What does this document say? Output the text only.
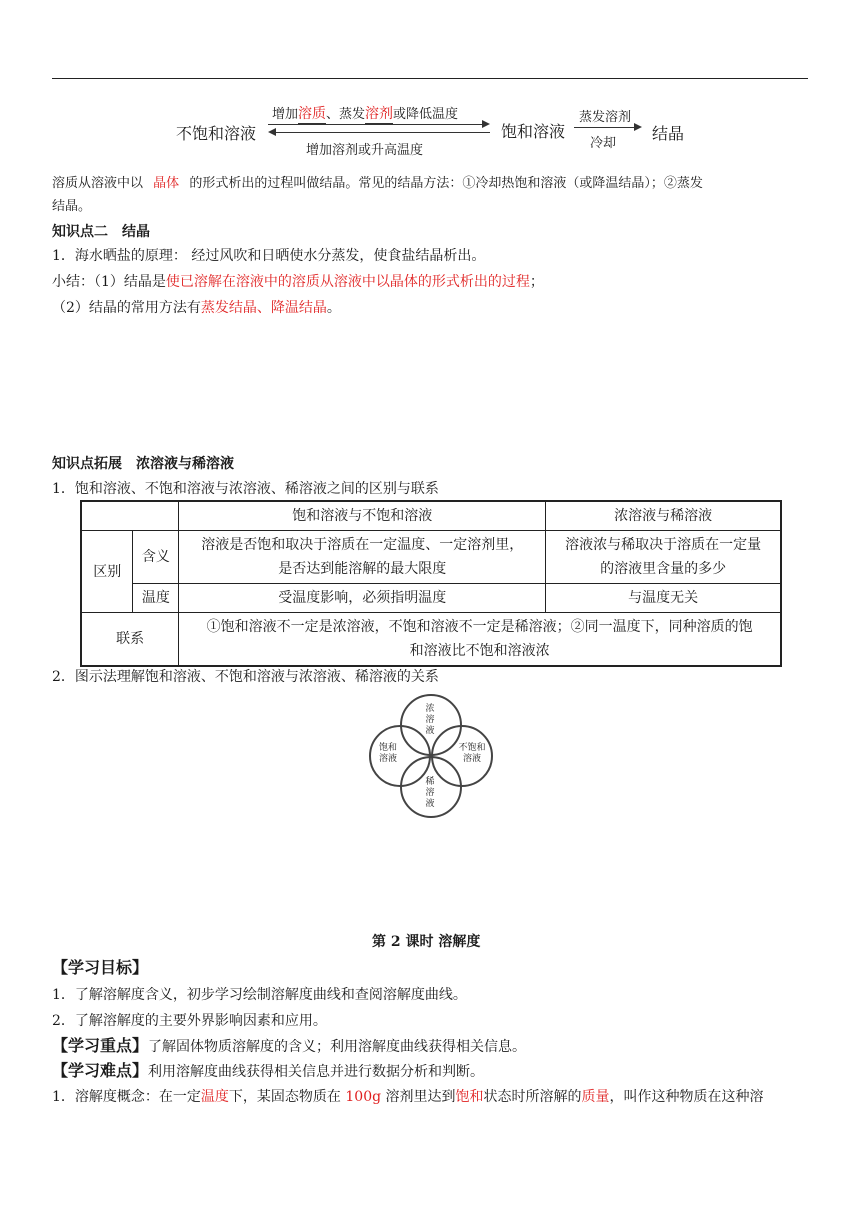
不饱和溶液
增加溶质、蒸发溶剂或降低温度
增加溶剂或升高温度
饱和溶液
蒸发溶剂
冷却
结晶
溶质从溶液中以 晶体 的形式析出的过程叫做结晶。常见的结晶方法：①冷却热饱和溶液（或降温结晶）；②蒸发
结晶。
知识点二　结晶
1．海水晒盐的原理： 经过风吹和日晒使水分蒸发，使食盐结晶析出。
小结：（1）结晶是使已溶解在溶液中的溶质从溶液中以晶体的形式析出的过程；
（2）结晶的常用方法有蒸发结晶、降温结晶。
知识点拓展　浓溶液与稀溶液
1．饱和溶液、不饱和溶液与浓溶液、稀溶液之间的区别与联系
		饱和溶液与不饱和溶液	浓溶液与稀溶液
区别	含义	溶液是否饱和取决于溶质在一定温度、一定溶剂里，
是否达到能溶解的最大限度	溶液浓与稀取决于溶质在一定量
的溶液里含量的多少
	温度	受温度影响，必须指明温度	与温度无关
联系		①饱和溶液不一定是浓溶液，不饱和溶液不一定是稀溶液；②同一温度下，同种溶质的饱
和溶液比不饱和溶液浓	
2．图示法理解饱和溶液、不饱和溶液与浓溶液、稀溶液的关系
浓
溶
液
饱和
溶液
不饱和
溶液
稀
溶
液
第 2 课时 溶解度
【学习目标】
1．了解溶解度含义，初步学习绘制溶解度曲线和查阅溶解度曲线。
2．了解溶解度的主要外界影响因素和应用。
【学习重点】了解固体物质溶解度的含义；利用溶解度曲线获得相关信息。
【学习难点】利用溶解度曲线获得相关信息并进行数据分析和判断。
1．溶解度概念：在一定温度下，某固态物质在 100g 溶剂里达到饱和状态时所溶解的质量，叫作这种物质在这种溶
